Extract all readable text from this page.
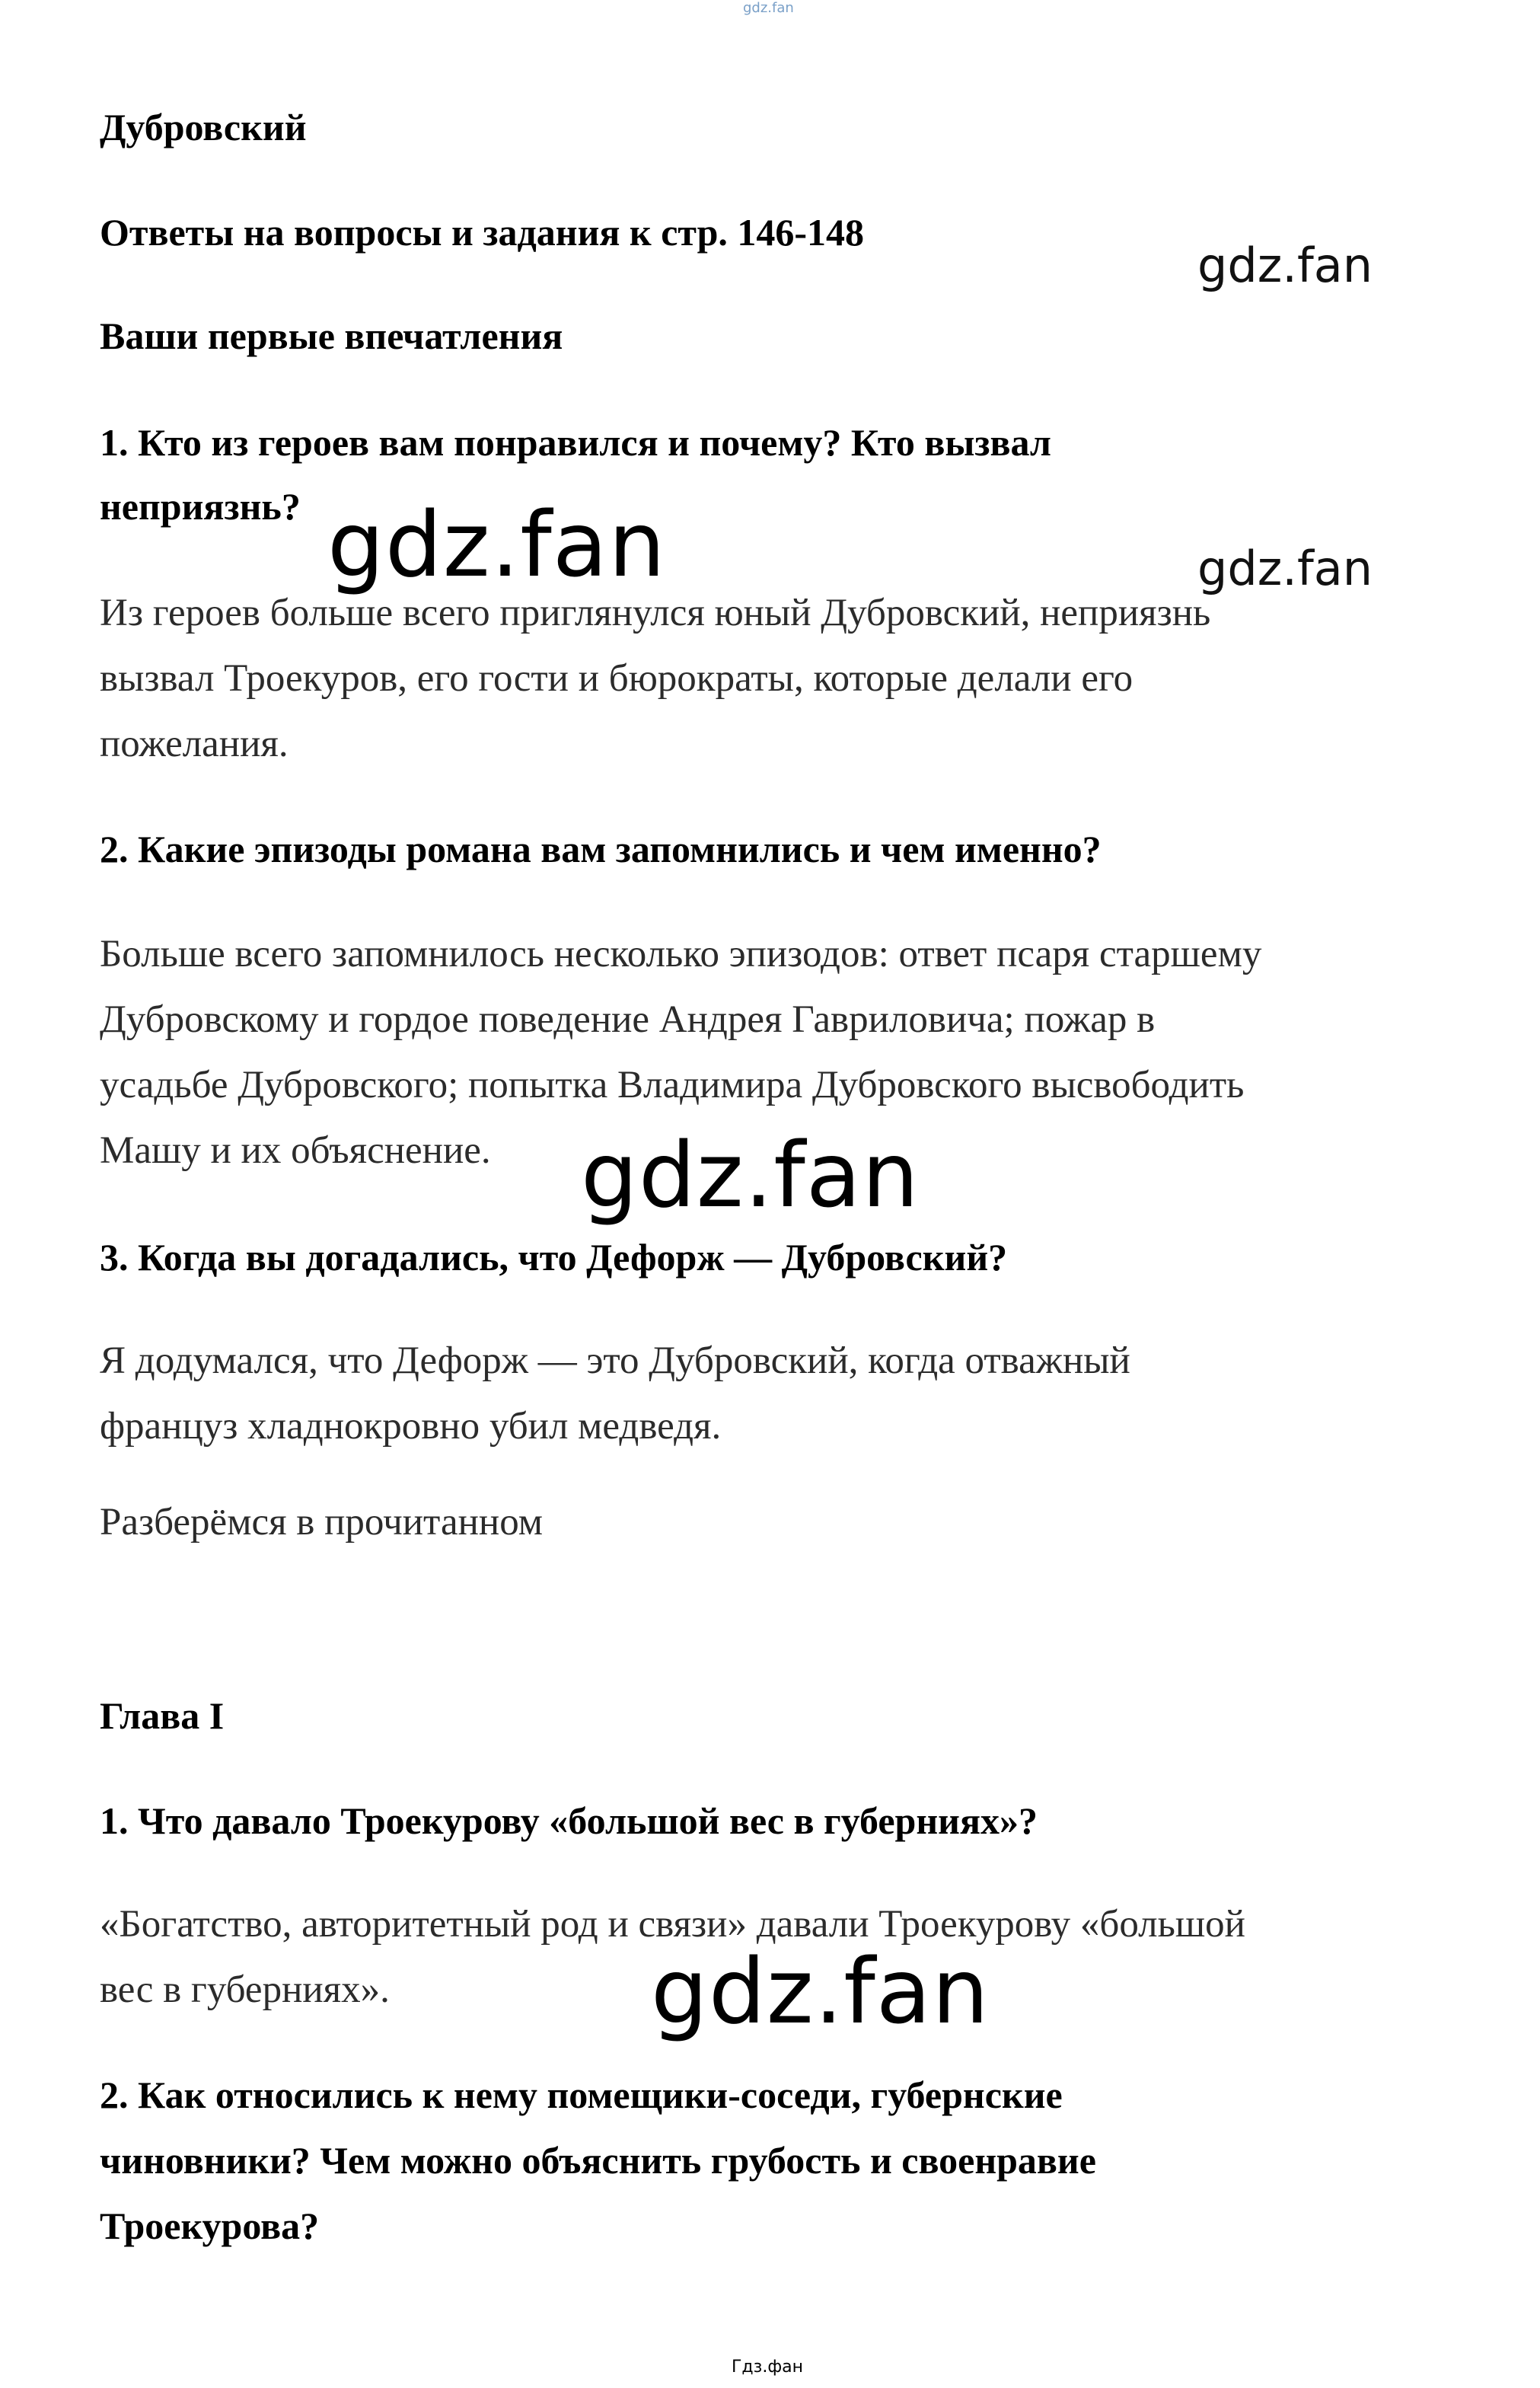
gdz.fan
Дубровский
Ответы на вопросы и задания к стр. 146-148
Ваши первые впечатления
1. Кто из героев вам понравился и почему? Кто вызвал
неприязнь?
Из героев больше всего приглянулся юный Дубровский, неприязнь
вызвал Троекуров, его гости и бюрократы, которые делали его
пожелания.
2. Какие эпизоды романа вам запомнились и чем именно?
Больше всего запомнилось несколько эпизодов: ответ псаря старшему
Дубровскому и гордое поведение Андрея Гавриловича; пожар в
усадьбе Дубровского; попытка Владимира Дубровского высвободить
Машу и их объяснение.
3. Когда вы догадались, что Дефорж — Дубровский?
Я додумался, что Дефорж — это Дубровский, когда отважный
француз хладнокровно убил медведя.
Разберёмся в прочитанном
Глава I
1. Что давало Троекурову «большой вес в губерниях»?
«Богатство, авторитетный род и связи» давали Троекурову «большой
вес в губерниях».
2. Как относились к нему помещики-соседи, губернские
чиновники? Чем можно объяснить грубость и своенравие
Троекурова?
gdz.fan
gdz.fan
gdz.fan
gdz.fan
gdz.fan
Гдз.фан
